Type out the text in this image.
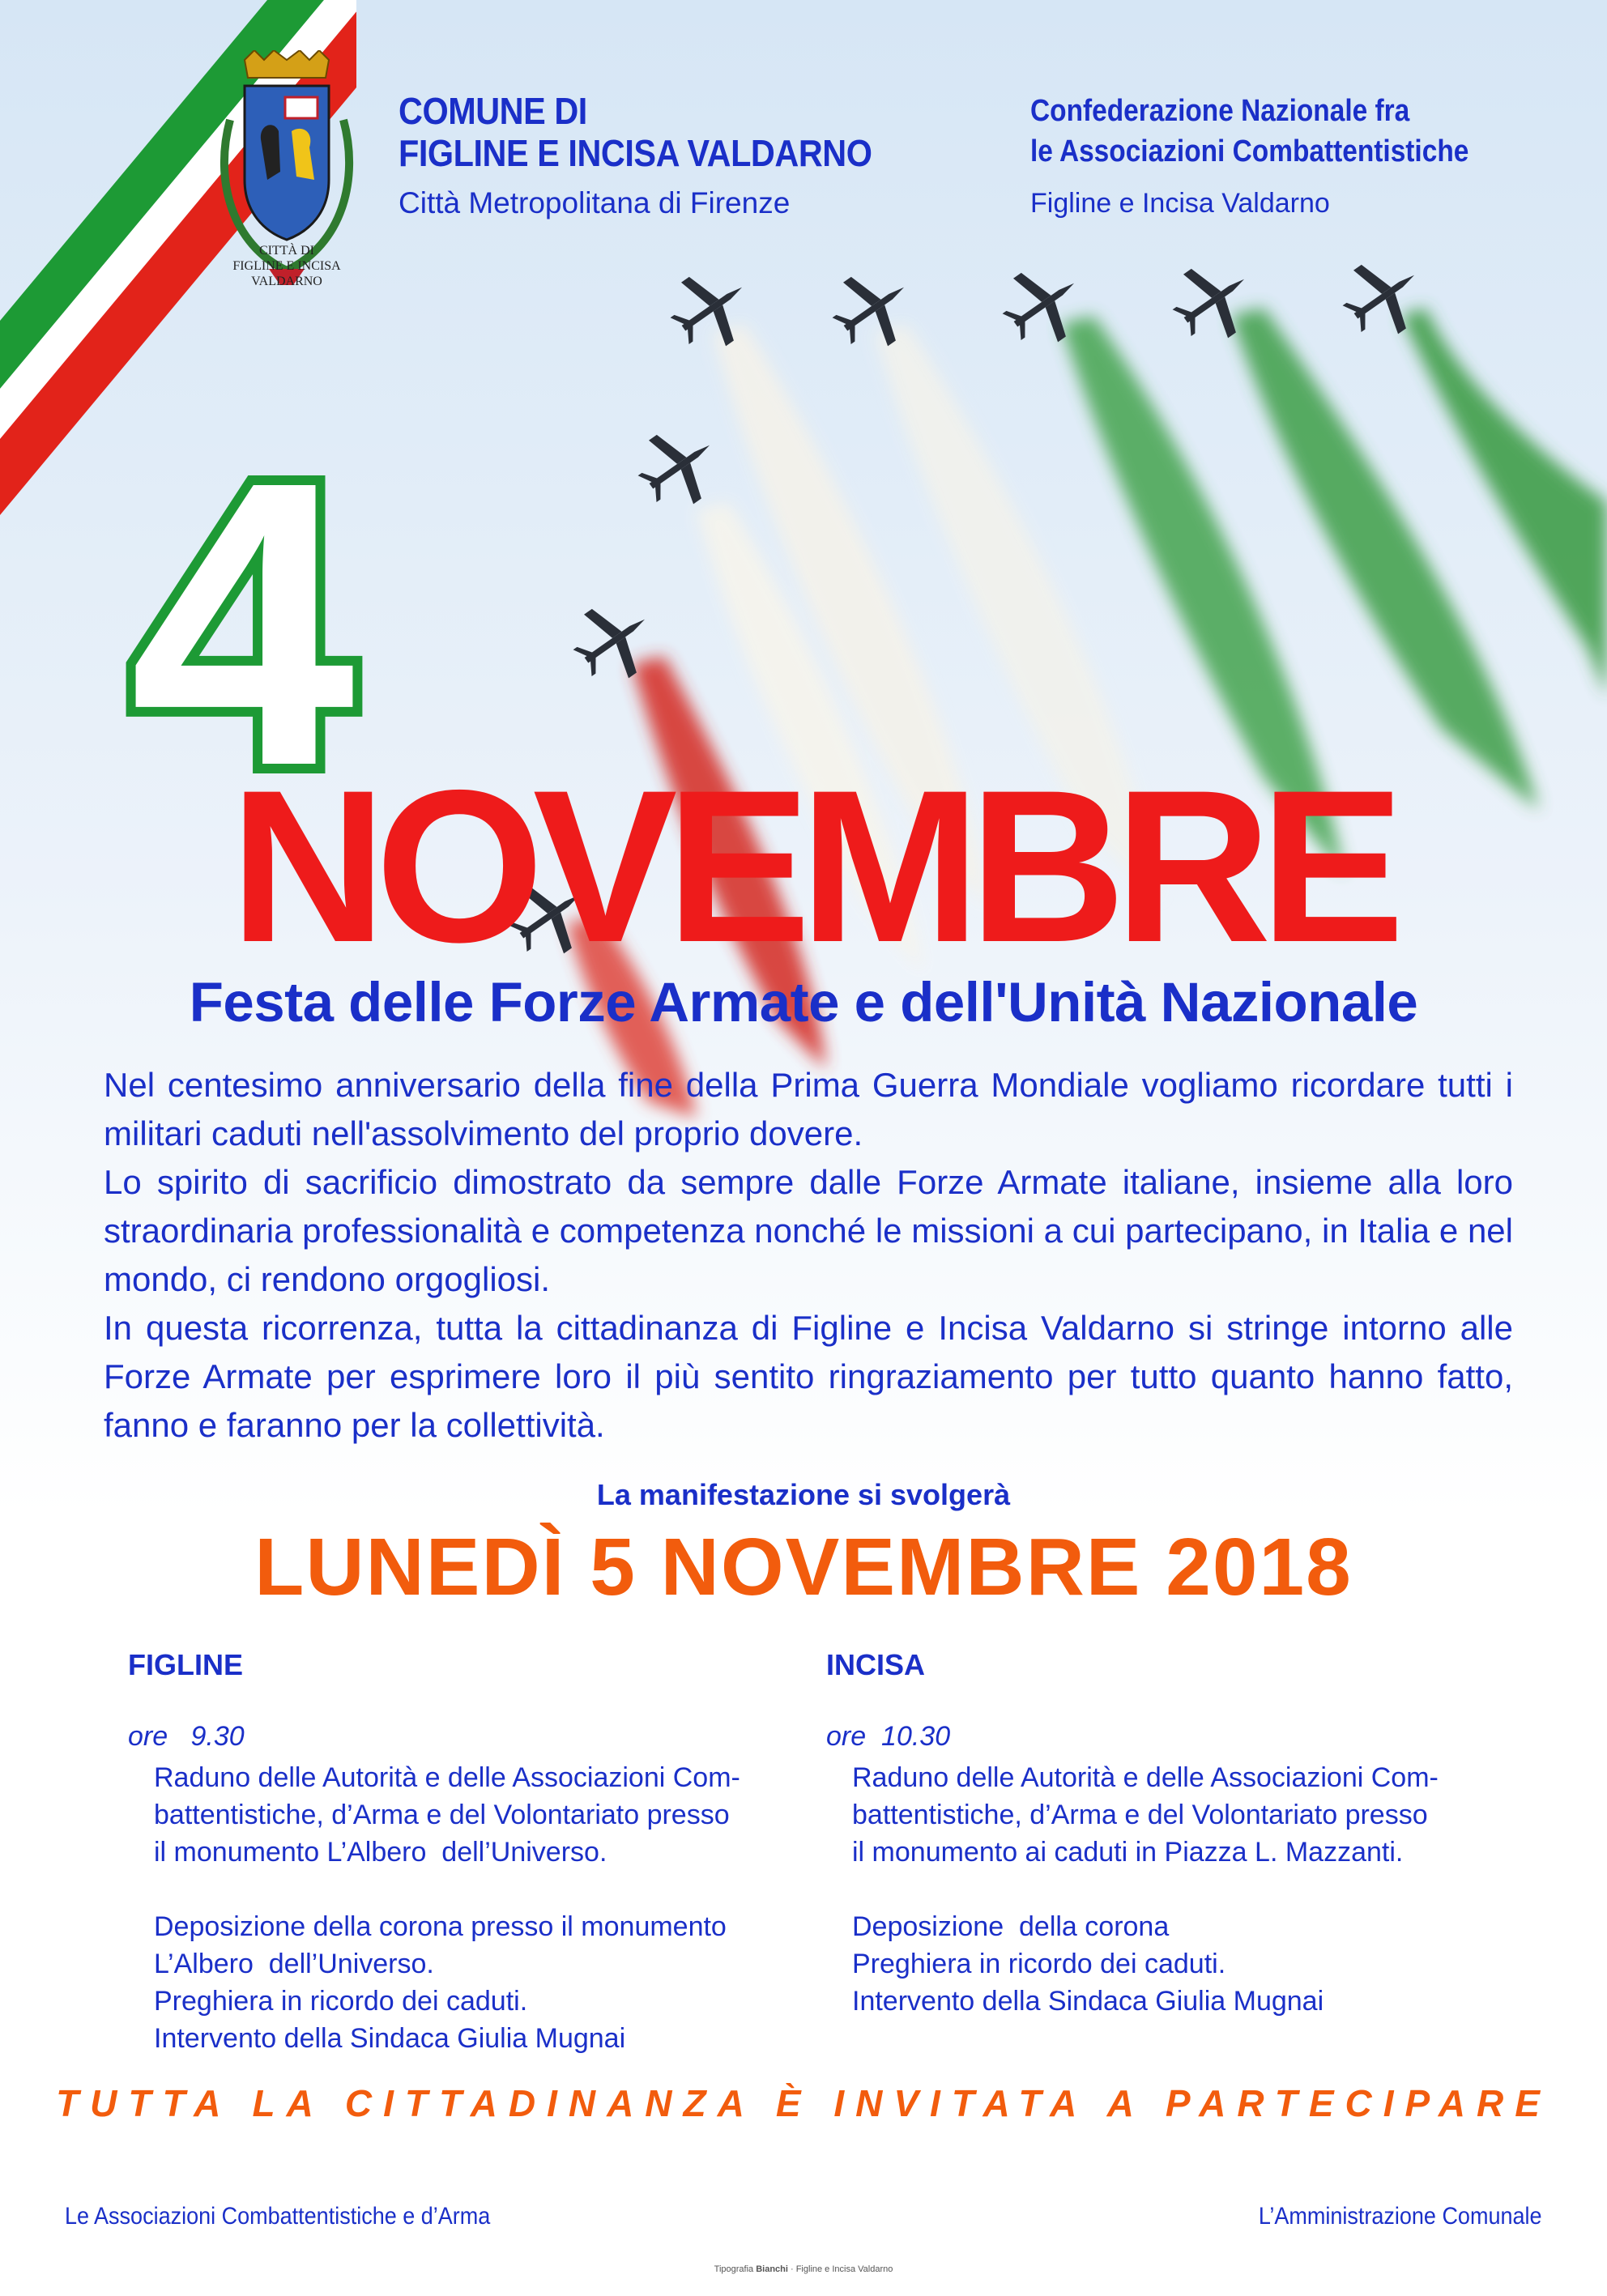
CITTÀ DI
FIGLINE E INCISA
VALDARNO
COMUNE DI
FIGLINE E INCISA VALDARNO
Città Metropolitana di Firenze
Confederazione Nazionale fra
le Associazioni Combattentistiche
Figline e Incisa Valdarno
4
NOVEMBRE
Festa delle Forze Armate e dell'Unità Nazionale

Nel centesimo anniversario della fine della Prima Guerra Mondiale vogliamo ricordare tutti i militari caduti nell'assolvimento del proprio dovere.

Lo spirito di sacrificio dimostrato da sempre dalle Forze Armate italiane, insieme alla loro straordinaria professionalità e competenza nonché le missioni a cui partecipano, in Italia e nel mondo, ci rendono orgogliosi.

In questa ricorrenza, tutta la cittadinanza di Figline e Incisa Valdarno si stringe intorno alle Forze Armate per esprimere loro il più sentito ringraziamento per tutto quanto hanno fatto, fanno e faranno per la collettività.

La manifestazione si svolgerà
LUNEDÌ 5 NOVEMBRE 2018
FIGLINE
ore   9.30

Raduno delle Autorità e delle Associazioni Com-

battentistiche, d’Arma e del Volontariato presso

il monumento L’Albero  dell’Universo.

Deposizione della corona presso il monumento

L’Albero  dell’Universo.

Preghiera in ricordo dei caduti.

Intervento della Sindaca Giulia Mugnai

INCISA
ore  10.30

Raduno delle Autorità e delle Associazioni Com-

battentistiche, d’Arma e del Volontariato presso

il monumento ai caduti in Piazza L. Mazzanti.

Deposizione  della corona

Preghiera in ricordo dei caduti.

Intervento della Sindaca Giulia Mugnai

TUTTA LA CITTADINANZA È INVITATA A PARTECIPARE
Le Associazioni Combattentistiche e d’Arma	L’Amministrazione Comunale
Tipografia Bianchi · Figline e Incisa Valdarno
